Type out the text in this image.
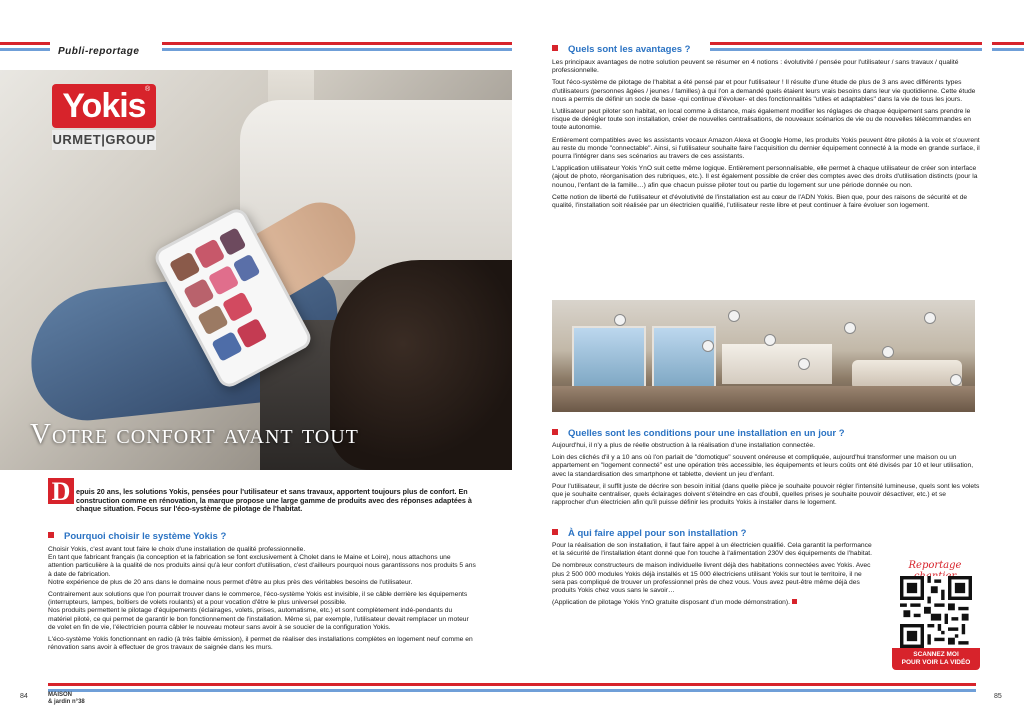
Publi-reportage
Yokis ®
URMET|GROUP
Votre confort avant tout
D epuis 20 ans, les solutions Yokis, pensées pour l'utilisateur et sans travaux, apportent toujours plus de confort. En construction comme en rénovation, la marque propose une large gamme de produits avec des réponses adaptées à chaque situation. Focus sur l'éco-système de pilotage de l'habitat.
Pourquoi choisir le système Yokis ?

Choisir Yokis, c'est avant tout faire le choix d'une installation de qualité professionnelle.

En tant que fabricant français (la conception et la fabrication se font exclusivement à Cholet dans le Maine et Loire), nous attachons une attention particulière à la qualité de nos produits ainsi qu'à leur confort d'utilisation, c'est d'ailleurs pourquoi nous garantissons nos produits 5 ans à date de fabrication.

Notre expérience de plus de 20 ans dans le domaine nous permet d'être au plus près des véritables besoins de l'utilisateur.

Contrairement aux solutions que l'on pourrait trouver dans le commerce, l'éco-système Yokis est invisible, il se câble derrière les équipements (interrupteurs, lampes, boîtiers de volets roulants) et a pour vocation d'être le plus universel possible.

Nos produits permettent le pilotage d'équipements (éclairages, volets, prises, automatisme, etc.) et sont complètement indé-pendants du matériel piloté, ce qui permet de garantir le bon fonctionnement de l'installation. Même si, par exemple, l'utilisateur devait remplacer un moteur de volet en fin de vie, l'électricien pourra câbler le nouveau moteur sans avoir à se soucier de la configuration Yokis.

L'éco-système Yokis fonctionnant en radio (à très faible émission), il permet de réaliser des installations complètes en logement neuf comme en rénovation sans avoir à effectuer de gros travaux de saignée dans les murs.

84	MAISON
& jardin n°38
Quels sont les avantages ?

Les principaux avantages de notre solution peuvent se résumer en 4 notions : évolutivité / pensée pour l'utilisateur / sans travaux / qualité professionnelle.

Tout l'éco-système de pilotage de l'habitat a été pensé par et pour l'utilisateur ! Il résulte d'une étude de plus de 3 ans avec différents types d'utilisateurs (personnes âgées / jeunes / familles) à qui l'on a demandé quels étaient leurs vrais besoins dans leur vie quotidienne. Cette étude nous a permis de définir un socle de base -qui continue d'évoluer- et des fonctionnalités "utiles et adaptables" dans la vie de tous les jours.

L'utilisateur peut piloter son habitat, en local comme à distance, mais également modifier les réglages de chaque équipement sans prendre le risque de dérégler toute son installation, créer de nouvelles centralisations, de nouveaux scénarios de vie ou de nouvelles télécommandes en toute autonomie.

Entièrement compatibles avec les assistants vocaux Amazon Alexa et Google Home, les produits Yokis peuvent être pilotés à la voix et s'ouvrent au reste du monde "connectable". Ainsi, si l'utilisateur souhaite faire l'acquisition du dernier équipement connecté à la mode en grande surface, il pourra l'intégrer dans ses scénarios au travers de ces assistants.

L'application utilisateur Yokis YnO suit cette même logique. Entièrement personnalisable, elle permet à chaque utilisateur de créer son interface (ajout de photo, réorganisation des rubriques, etc.). Il est également possible de créer des comptes avec des droits d'utilisation distincts (pour la nounou, l'enfant de la famille…) afin que chacun puisse piloter tout ou partie du logement sur une période donnée ou non.

Cette notion de liberté de l'utilisateur et d'évolutivité de l'installation est au cœur de l'ADN Yokis. Bien que, pour des raisons de sécurité et de qualité, l'installation soit réalisée par un électricien qualifié, l'utilisateur reste libre et peut continuer à faire évoluer son logement.

Quelles sont les conditions pour une installation en un jour ?

Aujourd'hui, il n'y a plus de réelle obstruction à la réalisation d'une installation connectée.

Loin des clichés d'il y a 10 ans où l'on parlait de "domotique" souvent onéreuse et compliquée, aujourd'hui transformer une maison ou un appartement en "logement connecté" est une opération très accessible, les équipements et leurs coûts ont été divisés par 10 et leur utilisation, avec la standardisation des smartphone et tablette, devient un jeu d'enfant.

Pour l'utilisateur, il suffit juste de décrire son besoin initial (dans quelle pièce je souhaite pouvoir régler l'intensité lumineuse, quels sont les volets que je souhaite centraliser, quels éclairages doivent s'éteindre en cas d'oubli, quelles prises je souhaite pouvoir désactiver, etc.) et se rapprocher d'un électricien afin qu'il puisse définir les produits Yokis à installer dans le logement.

À qui faire appel pour son installation ?

Pour la réalisation de son installation, il faut faire appel à un électricien qualifié. Cela garantit la performance et la sécurité de l'installation étant donné que l'on touche à l'alimentation 230V des équipements de l'habitat.

De nombreux constructeurs de maison individuelle livrent déjà des habitations connectées avec Yokis. Avec plus 2 500 000 modules Yokis déjà installés et 15 000 électriciens utilisant Yokis sur tout le territoire, il ne sera pas compliqué de trouver un professionnel près de chez vous. Vous avez peut-être même déjà des produits Yokis chez vous sans le savoir…

(Application de pilotage Yokis YnO gratuite disposant d'un mode démonstration).

Reportage
SCANNEZ MOI
POUR VOIR LA VIDÉO
85
